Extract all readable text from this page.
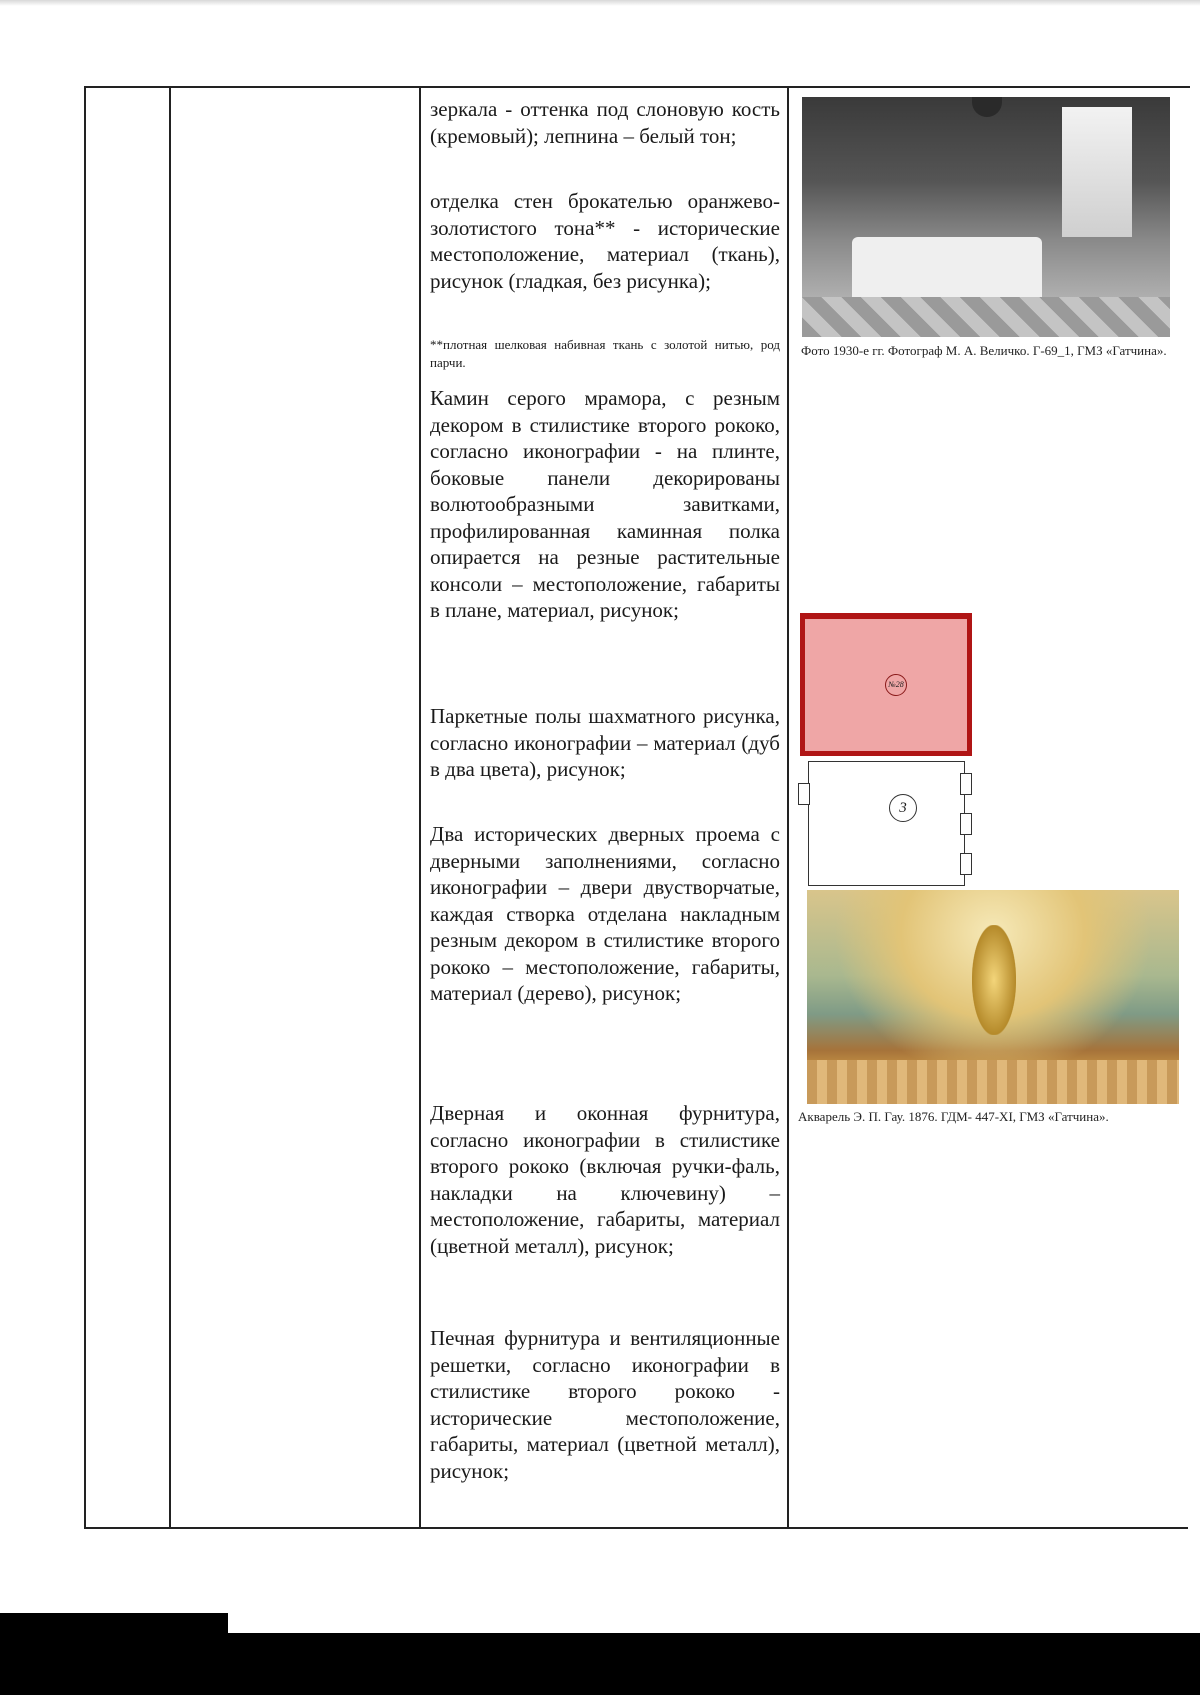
зеркала - оттенка под слоновую кость (кремовый); лепнина – белый тон;
отделка стен брокателью оранжево-золотистого тона** - исторические местоположение, материал (ткань), рисунок (гладкая, без рисунка);
**плотная шелковая набивная ткань с золотой нитью, род парчи.
Камин серого мрамора, с резным декором в стилистике второго рококо, согласно иконографии - на плинте, боковые панели декорированы волютообразными завитками, профилированная каминная полка опирается на резные растительные консоли – местоположение, габариты в плане, материал, рисунок;
Паркетные полы шахматного рисунка, согласно иконографии – материал (дуб в два цвета), рисунок;
Два исторических дверных проема с дверными заполнениями, согласно иконографии – двери двустворчатые, каждая створка отделана накладным резным декором в стилистике второго рококо – местоположение, габариты, материал (дерево), рисунок;
Дверная и оконная фурнитура, согласно иконографии в стилистике второго рококо (включая ручки-фаль, накладки на ключевину) – местоположение, габариты, материал (цветной металл), рисунок;
Печная фурнитура и вентиляционные решетки, согласно иконографии в стилистике второго рококо - исторические местоположение, габариты, материал (цветной металл), рисунок;
Фото 1930-е гг. Фотограф М. А. Величко. Г-69_1, ГМЗ «Гатчина».
№28
3
Акварель Э. П. Гау. 1876. ГДМ- 447-XI, ГМЗ «Гатчина».
